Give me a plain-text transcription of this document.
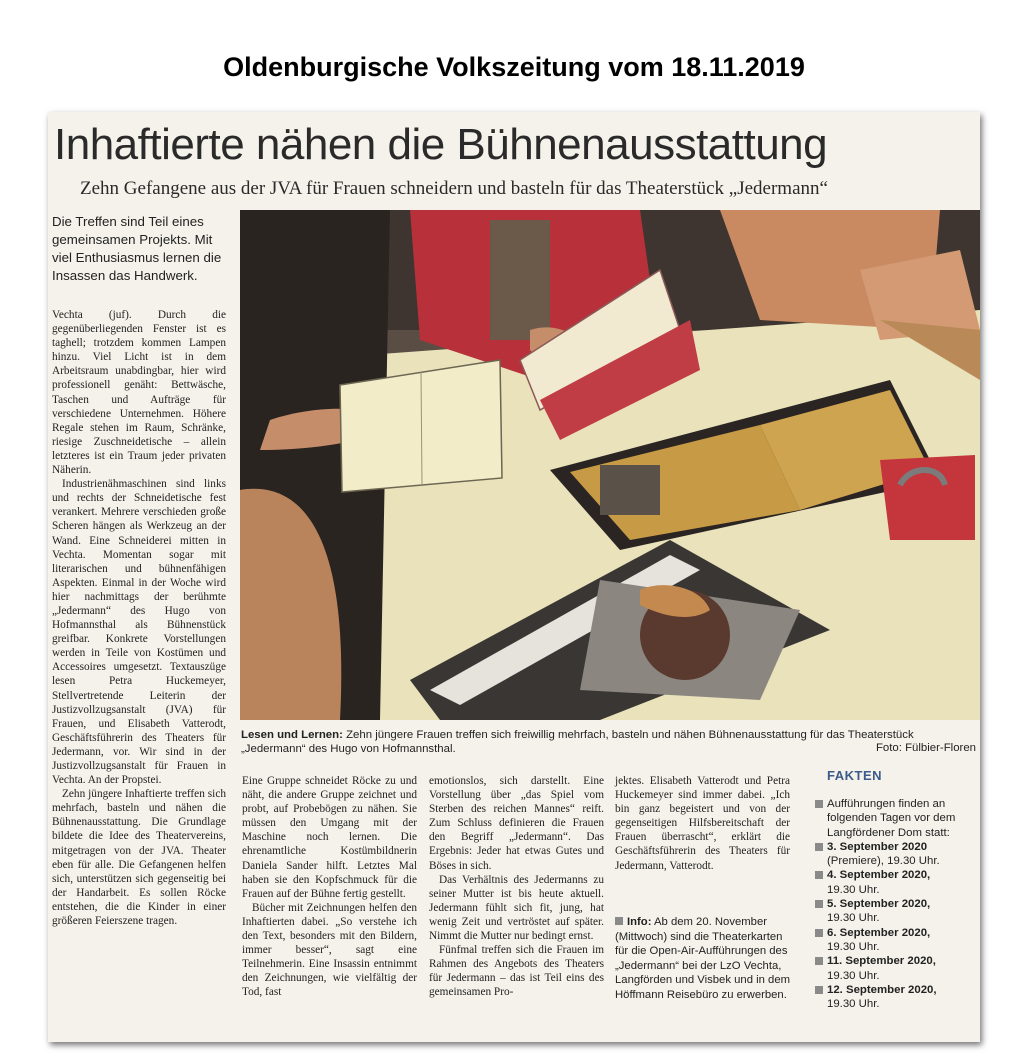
Oldenburgische Volkszeitung vom 18.11.2019
Inhaftierte nähen die Bühnenausstattung
Zehn Gefangene aus der JVA für Frauen schneidern und basteln für das Theaterstück „Jedermann“
Die Treffen sind Teil eines gemeinsamen Projekts. Mit viel Enthusiasmus lernen die Insassen das Handwerk.

Vechta (juf). Durch die gegenüberliegenden Fenster ist es taghell; trotzdem kommen Lampen hinzu. Viel Licht ist in dem Arbeitsraum unabdingbar, hier wird professionell genäht: Bettwäsche, Taschen und Aufträge für verschiedene Unternehmen. Höhere Regale stehen im Raum, Schränke, riesige Zuschneidetische – allein letzteres ist ein Traum jeder privaten Näherin.

Industrienähmaschinen sind links und rechts der Schneidetische fest verankert. Mehrere verschieden große Scheren hängen als Werkzeug an der Wand. Eine Schneiderei mitten in Vechta. Momentan sogar mit literarischen und bühnenfähigen Aspekten. Einmal in der Woche wird hier nachmittags der berühmte „Jedermann“ des Hugo von Hofmannsthal als Bühnenstück greifbar. Konkrete Vorstellungen werden in Teile von Kostümen und Accessoires umgesetzt. Textauszüge lesen Petra Huckemeyer, Stellvertretende Leiterin der Justizvollzugsanstalt (JVA) für Frauen, und Elisabeth Vatterodt, Geschäftsführerin des Theaters für Jedermann, vor. Wir sind in der Justizvollzugsanstalt für Frauen in Vechta. An der Propstei.

Zehn jüngere Inhaftierte treffen sich mehrfach, basteln und nähen die Bühnenausstattung. Die Grundlage bildete die Idee des Theatervereins, mitgetragen von der JVA. Theater eben für alle. Die Gefangenen helfen sich, unterstützen sich gegenseitig bei der Handarbeit. Es sollen Röcke entstehen, die die Kinder in einer größeren Feierszene tragen.

Lesen und Lernen: Zehn jüngere Frauen treffen sich freiwillig mehrfach, basteln und nähen Bühnenausstattung für das Theaterstück „Jedermann“ des Hugo von Hofmannsthal.	Foto: Fülbier-Floren

Eine Gruppe schneidet Röcke zu und näht, die andere Gruppe zeichnet und probt, auf Probebögen zu nähen. Sie müssen den Umgang mit der Maschine noch lernen. Die ehrenamtliche Kostümbildnerin Daniela Sander hilft. Letztes Mal haben sie den Kopfschmuck für die Frauen auf der Bühne fertig gestellt.

Bücher mit Zeichnungen helfen den Inhaftierten dabei. „So verstehe ich den Text, besonders mit den Bildern, immer besser“, sagt eine Teilnehmerin. Eine Insassin entnimmt den Zeichnungen, wie vielfältig der Tod, fast

emotionslos, sich darstellt. Eine Vorstellung über „das Spiel vom Sterben des reichen Mannes“ reift. Zum Schluss definieren die Frauen den Begriff „Jedermann“. Das Ergebnis: Jeder hat etwas Gutes und Böses in sich.

Das Verhältnis des Jedermanns zu seiner Mutter ist bis heute aktuell. Jedermann fühlt sich fit, jung, hat wenig Zeit und vertröstet auf später. Nimmt die Mutter nur bedingt ernst.

Fünfmal treffen sich die Frauen im Rahmen des Angebots des Theaters für Jedermann – das ist Teil eins des gemeinsamen Pro-

jektes. Elisabeth Vatterodt und Petra Huckemeyer sind immer dabei. „Ich bin ganz begeistert und von der gegenseitigen Hilfsbereitschaft der Frauen überrascht“, erklärt die Geschäftsführerin des Theaters für Jedermann, Vatterodt.

Info: Ab dem 20. November (Mittwoch) sind die Theaterkarten für die Open-Air-Aufführungen des „Jedermann“ bei der LzO Vechta, Langförden und Visbek und in dem Höffmann Reisebüro zu erwerben.
FAKTEN
Aufführungen finden an folgenden Tagen vor dem Langfördener Dom statt:
3. September 2020
(Premiere), 19.30 Uhr.
4. September 2020,
19.30 Uhr.
5. September 2020,
19.30 Uhr.
6. September 2020,
19.30 Uhr.
11. September 2020,
19.30 Uhr.
12. September 2020,
19.30 Uhr.
